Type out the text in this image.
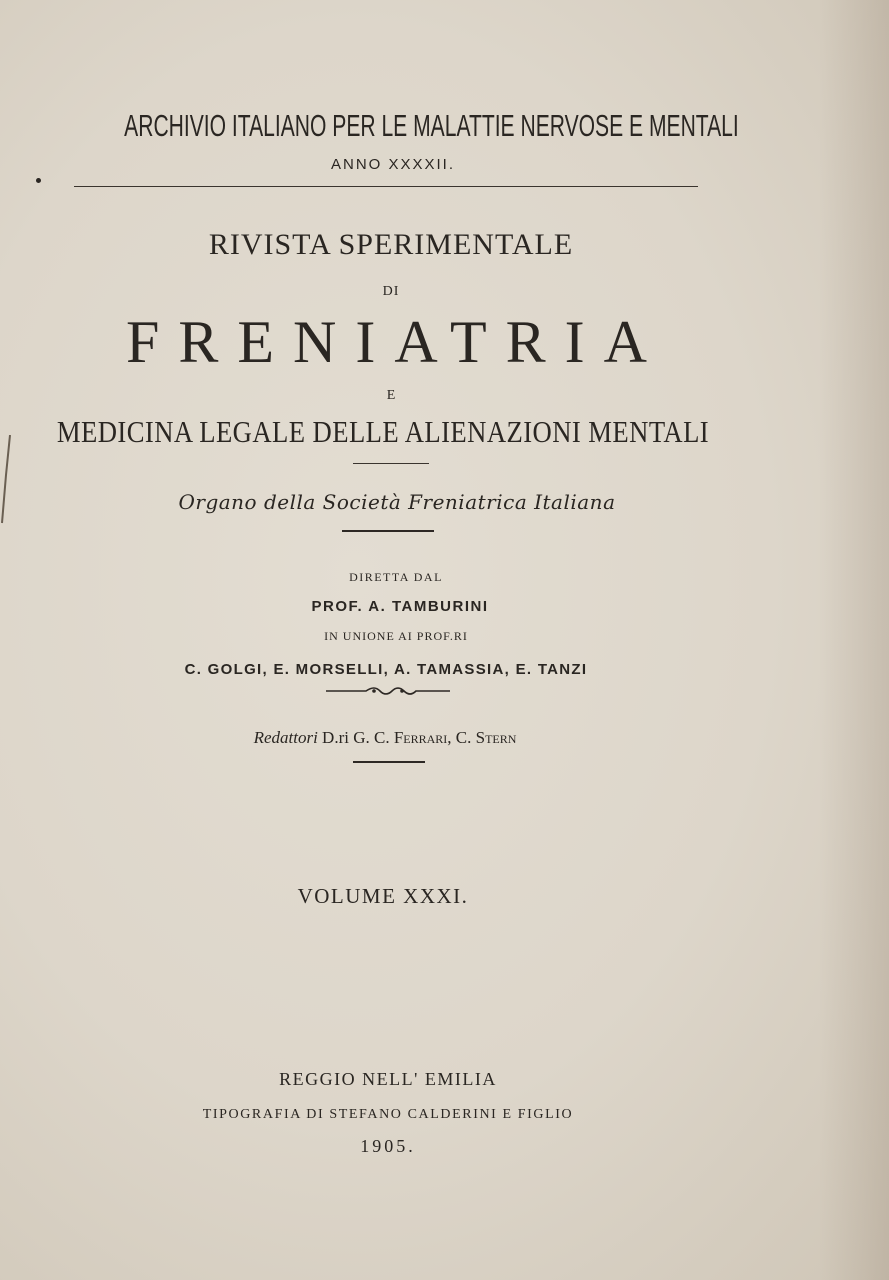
ARCHIVIO ITALIANO PER LE MALATTIE NERVOSE E MENTALI
ANNO XXXXII.
RIVISTA SPERIMENTALE
DI
FRENIATRIA
E
MEDICINA LEGALE DELLE ALIENAZIONI MENTALI
Organo della Società Freniatrica Italiana
DIRETTA DAL
PROF. A. TAMBURINI
IN UNIONE AI PROF.RI
C. GOLGI, E. MORSELLI, A. TAMASSIA, E. TANZI
Redattori D.ri G. C. Ferrari, C. Stern
VOLUME XXXI.
REGGIO NELL' EMILIA
TIPOGRAFIA DI STEFANO CALDERINI E FIGLIO
1905.
